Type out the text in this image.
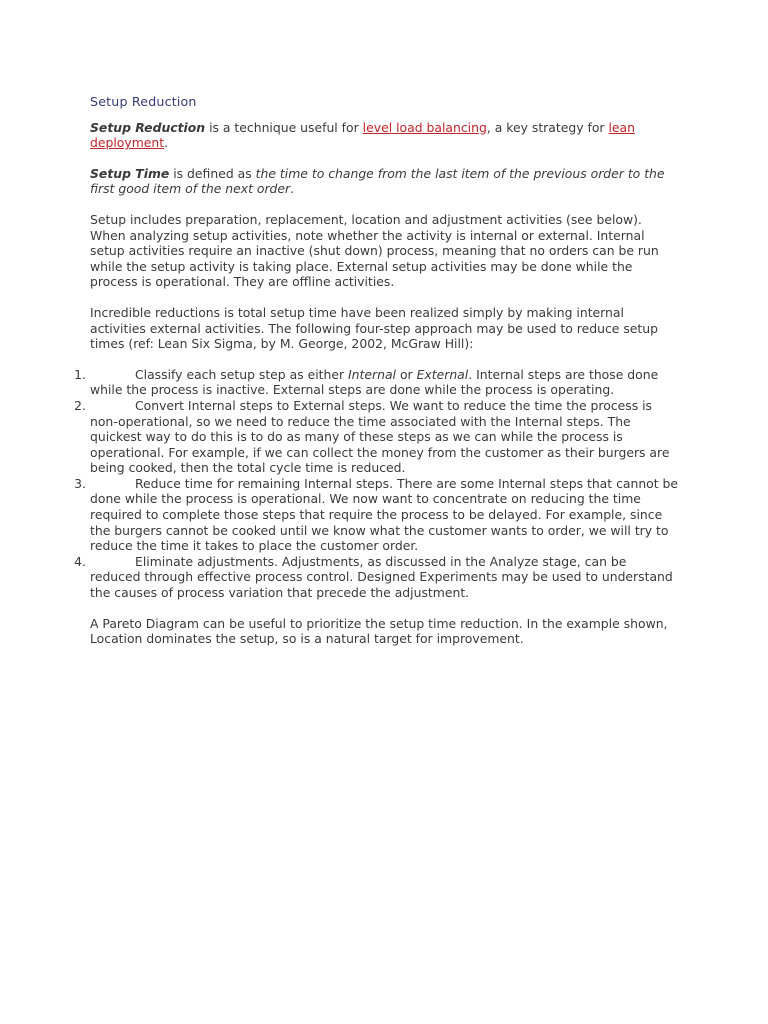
Setup Reduction

Setup Reduction is a technique useful for level load balancing, a key strategy for lean deployment.

Setup Time is defined as the time to change from the last item of the previous order to the first good item of the next order.

Setup includes preparation, replacement, location and adjustment activities (see below). When analyzing setup activities, note whether the activity is internal or external. Internal setup activities require an inactive (shut down) process, meaning that no orders can be run while the setup activity is taking place. External setup activities may be done while the process is operational. They are offline activities.

Incredible reductions is total setup time have been realized simply by making internal activities external activities. The following four-step approach may be used to reduce setup times (ref: Lean Six Sigma, by M. George, 2002, McGraw Hill):

1.	Classify each setup step as either Internal or External. Internal steps are those done while the process is inactive. External steps are done while the process is operating.
2.	Convert Internal steps to External steps. We want to reduce the time the process is non-operational, so we need to reduce the time associated with the Internal steps. The quickest way to do this is to do as many of these steps as we can while the process is operational. For example, if we can collect the money from the customer as their burgers are being cooked, then the total cycle time is reduced.
3.	Reduce time for remaining Internal steps. There are some Internal steps that cannot be done while the process is operational. We now want to concentrate on reducing the time required to complete those steps that require the process to be delayed. For example, since the burgers cannot be cooked until we know what the customer wants to order, we will try to reduce the time it takes to place the customer order.
4.	Eliminate adjustments. Adjustments, as discussed in the Analyze stage, can be reduced through effective process control. Designed Experiments may be used to understand the causes of process variation that precede the adjustment.

A Pareto Diagram can be useful to prioritize the setup time reduction. In the example shown, Location dominates the setup, so is a natural target for improvement.
